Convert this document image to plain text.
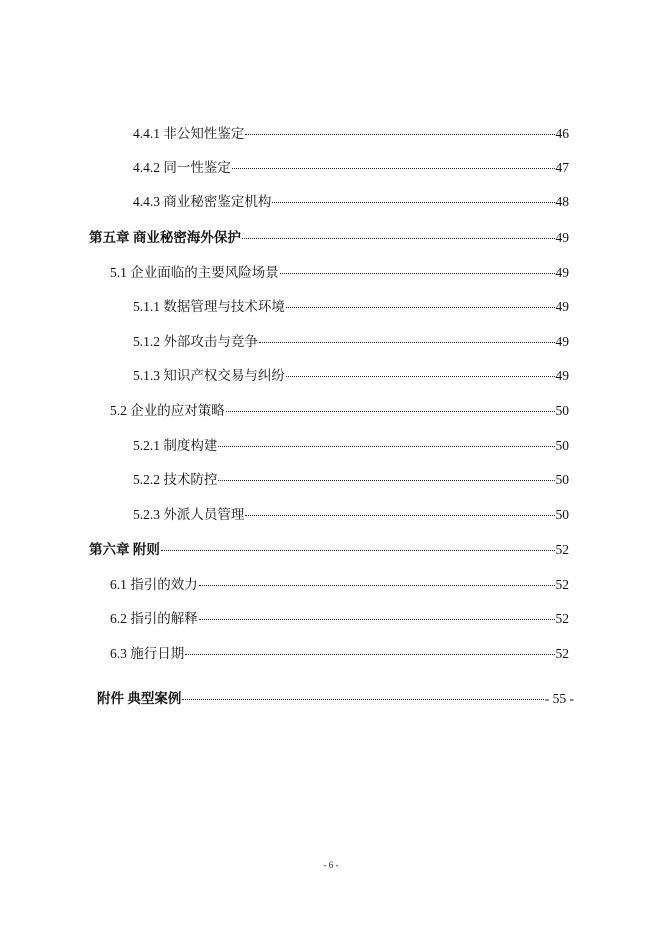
4.4.1 非公知性鉴定	46
4.4.2 同一性鉴定	47
4.4.3 商业秘密鉴定机构	48
第五章 商业秘密海外保护	49
5.1 企业面临的主要风险场景	49
5.1.1 数据管理与技术环境	49
5.1.2 外部攻击与竞争	49
5.1.3 知识产权交易与纠纷	49
5.2 企业的应对策略	50
5.2.1 制度构建	50
5.2.2 技术防控	50
5.2.3 外派人员管理	50
第六章 附则	52
6.1 指引的效力	52
6.2 指引的解释	52
6.3 施行日期	52
附件 典型案例	- 55 -
- 6 -
